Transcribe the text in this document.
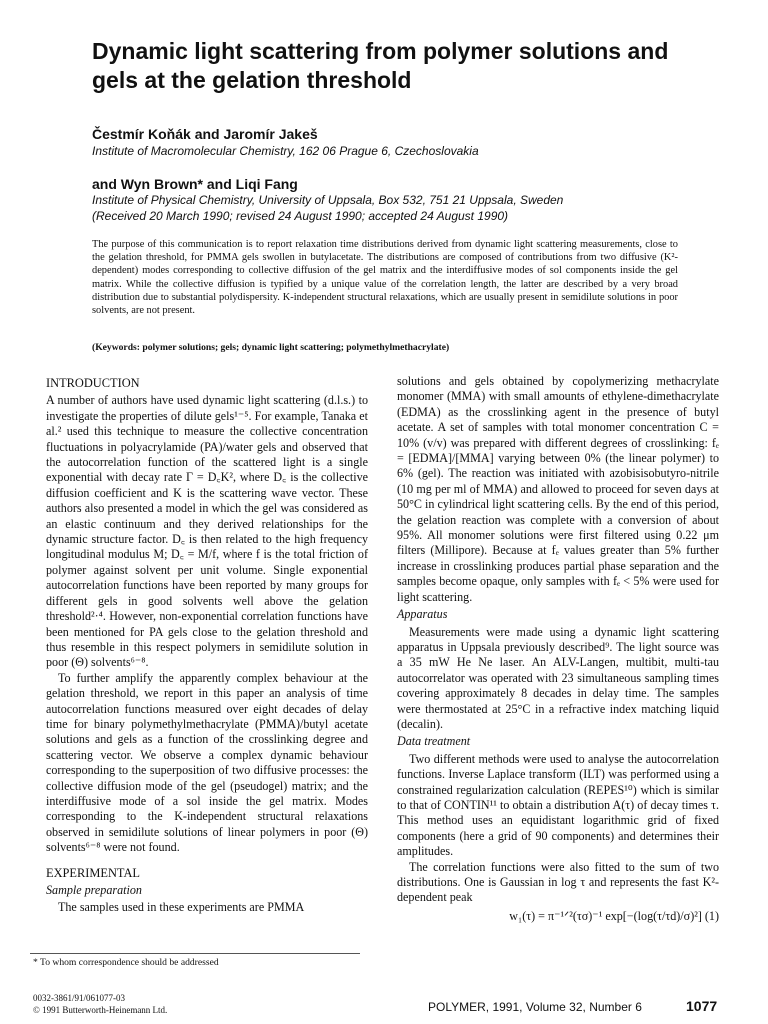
Dynamic light scattering from polymer solutions and gels at the gelation threshold
Čestmír Koňák and Jaromír Jakeš
Institute of Macromolecular Chemistry, 162 06 Prague 6, Czechoslovakia
and Wyn Brown* and Liqi Fang
Institute of Physical Chemistry, University of Uppsala, Box 532, 751 21 Uppsala, Sweden
(Received 20 March 1990; revised 24 August 1990; accepted 24 August 1990)

The purpose of this communication is to report relaxation time distributions derived from dynamic light scattering measurements, close to the gelation threshold, for PMMA gels swollen in butylacetate. The distributions are composed of contributions from two diffusive (K²-dependent) modes corresponding to collective diffusion of the gel matrix and the interdiffusive modes of sol components inside the gel matrix. While the collective diffusion is typified by a unique value of the correlation length, the latter are described by a very broad distribution due to substantial polydispersity. K-independent structural relaxations, which are usually present in semidilute solutions in poor solvents, are not present.

(Keywords: polymer solutions; gels; dynamic light scattering; polymethylmethacrylate)
INTRODUCTION

A number of authors have used dynamic light scattering (d.l.s.) to investigate the properties of dilute gels¹⁻⁵. For example, Tanaka et al.² used this technique to measure the collective concentration fluctuations in polyacrylamide (PA)/water gels and observed that the autocorrelation function of the scattered light is a single exponential with decay rate Γ = D꜀K², where D꜀ is the collective diffusion coefficient and K is the scattering wave vector. These authors also presented a model in which the gel was considered as an elastic continuum and they derived relationships for the dynamic structure factor. D꜀ is then related to the high frequency longitudinal modulus M; D꜀ = M/f, where f is the total friction of polymer against solvent per unit volume. Single exponential autocorrelation functions have been reported by many groups for different gels in good solvents well above the gelation threshold²·⁴. However, non-exponential correlation functions have been mentioned for PA gels close to the gelation threshold and thus resemble in this respect polymers in semidilute solution in poor (Θ) solvents⁶⁻⁸.

To further amplify the apparently complex behaviour at the gelation threshold, we report in this paper an analysis of time autocorrelation functions measured over eight decades of delay time for binary polymethylmethacrylate (PMMA)/butyl acetate solutions and gels as a function of the crosslinking degree and scattering vector. We observe a complex dynamic behaviour corresponding to the superposition of two diffusive processes: the collective diffusion mode of the gel (pseudogel) matrix; and the interdiffusive mode of a sol inside the gel matrix. Modes corresponding to the K-independent structural relaxations observed in semidilute solutions of linear polymers in poor (Θ) solvents⁶⁻⁸ were not found.

EXPERIMENTAL
Sample preparation

The samples used in these experiments are PMMA

solutions and gels obtained by copolymerizing methacrylate monomer (MMA) with small amounts of ethylene-dimethacrylate (EDMA) as the crosslinking agent in the presence of butyl acetate. A set of samples with total monomer concentration C = 10% (v/v) was prepared with different degrees of crosslinking: fₑ = [EDMA]/[MMA] varying between 0% (the linear polymer) to 6% (gel). The reaction was initiated with azobisisobutyro-nitrile (10 mg per ml of MMA) and allowed to proceed for seven days at 50°C in cylindrical light scattering cells. By the end of this period, the gelation reaction was complete with a conversion of about 95%. All monomer solutions were first filtered using 0.22 μm filters (Millipore). Because at fₑ values greater than 5% further increase in crosslinking produces partial phase separation and the samples become opaque, only samples with fₑ < 5% were used for light scattering.

Apparatus

Measurements were made using a dynamic light scattering apparatus in Uppsala previously described⁹. The light source was a 35 mW He Ne laser. An ALV-Langen, multibit, multi-tau autocorrelator was operated with 23 simultaneous sampling times covering approximately 8 decades in delay time. The samples were thermostated at 25°C in a refractive index matching liquid (decalin).

Data treatment

Two different methods were used to analyse the autocorrelation functions. Inverse Laplace transform (ILT) was performed using a constrained regularization calculation (REPES¹⁰) which is similar to that of CONTIN¹¹ to obtain a distribution A(τ) of decay times τ. This method uses an equidistant logarithmic grid of fixed components (here a grid of 90 components) and determines their amplitudes.

The correlation functions were also fitted to the sum of two distributions. One is Gaussian in log τ and represents the fast K²-dependent peak

w₁(τ) = π⁻¹ᐟ²(τσ)⁻¹ exp[−(log(τ/τd)/σ)²] (1)
* To whom correspondence should be addressed
0032-3861/91/061077-03
© 1991 Butterworth-Heinemann Ltd.	POLYMER, 1991, Volume 32, Number 6	1077
